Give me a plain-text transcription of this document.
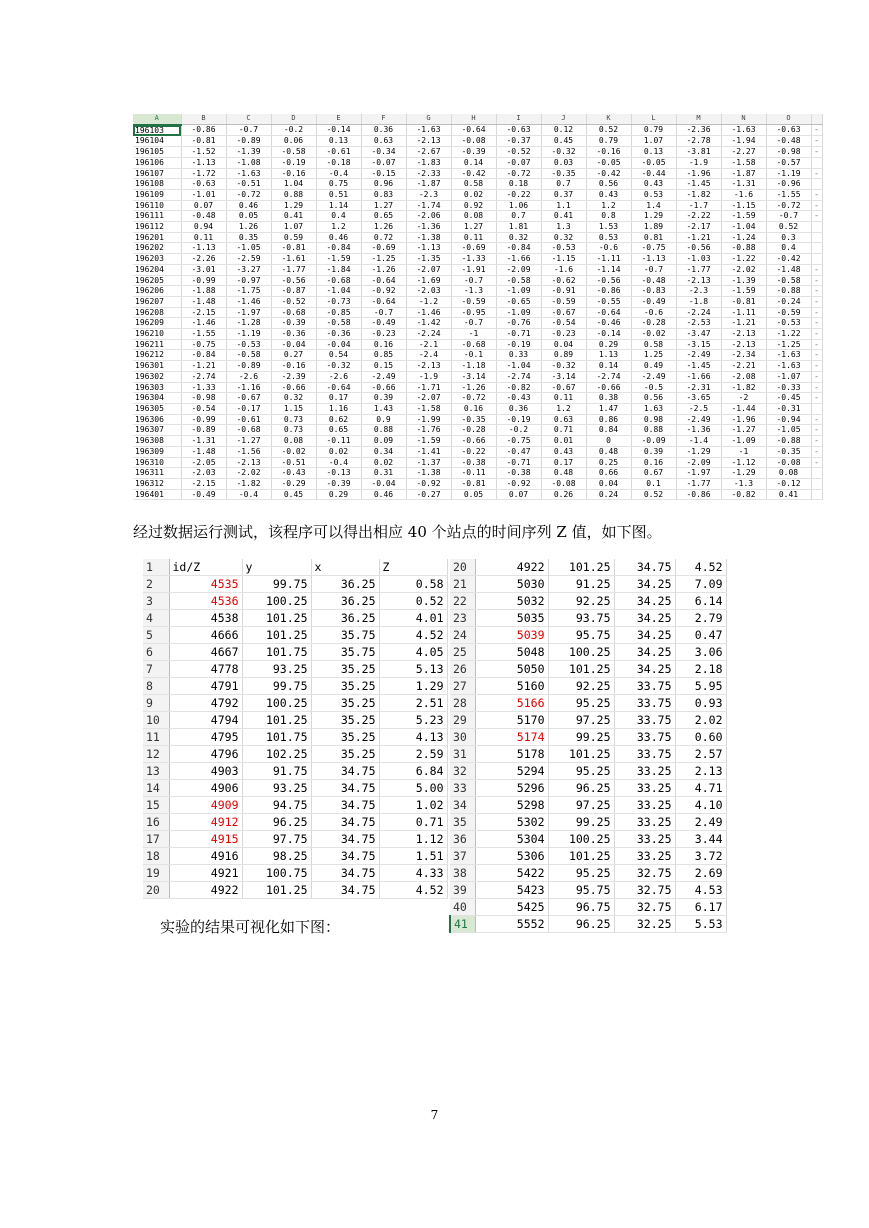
A	B	C	D	E	F	G	H	I	J	K	L	M	N	O	
196103	-0.86	-0.7	-0.2	-0.14	0.36	-1.63	-0.64	-0.63	0.12	0.52	0.79	-2.36	-1.63	-0.63	-
196104	-0.81	-0.89	0.06	0.13	0.63	-2.13	-0.08	-0.37	0.45	0.79	1.07	-2.78	-1.94	-0.48	-
196105	-1.52	-1.39	-0.58	-0.61	-0.34	-2.67	-0.39	-0.52	-0.32	-0.16	0.13	-3.81	-2.27	-0.98	-
196106	-1.13	-1.08	-0.19	-0.18	-0.07	-1.83	0.14	-0.07	0.03	-0.05	-0.05	-1.9	-1.58	-0.57	
196107	-1.72	-1.63	-0.16	-0.4	-0.15	-2.33	-0.42	-0.72	-0.35	-0.42	-0.44	-1.96	-1.87	-1.19	-
196108	-0.63	-0.51	1.04	0.75	0.96	-1.87	0.58	0.18	0.7	0.56	0.43	-1.45	-1.31	-0.96	
196109	-1.01	-0.72	0.88	0.51	0.83	-2.3	0.02	-0.22	0.37	0.43	0.53	-1.82	-1.6	-1.55	-
196110	0.07	0.46	1.29	1.14	1.27	-1.74	0.92	1.06	1.1	1.2	1.4	-1.7	-1.15	-0.72	-
196111	-0.48	0.05	0.41	0.4	0.65	-2.06	0.08	0.7	0.41	0.8	1.29	-2.22	-1.59	-0.7	-
196112	0.94	1.26	1.07	1.2	1.26	-1.36	1.27	1.81	1.3	1.53	1.89	-2.17	-1.04	0.52	
196201	0.11	0.35	0.59	0.46	0.72	-1.38	0.11	0.32	0.32	0.53	0.81	-1.21	-1.24	0.3	
196202	-1.13	-1.05	-0.81	-0.84	-0.69	-1.13	-0.69	-0.84	-0.53	-0.6	-0.75	-0.56	-0.88	0.4	
196203	-2.26	-2.59	-1.61	-1.59	-1.25	-1.35	-1.33	-1.66	-1.15	-1.11	-1.13	-1.03	-1.22	-0.42	
196204	-3.01	-3.27	-1.77	-1.84	-1.26	-2.07	-1.91	-2.09	-1.6	-1.14	-0.7	-1.77	-2.02	-1.48	-
196205	-0.99	-0.97	-0.56	-0.68	-0.64	-1.69	-0.7	-0.58	-0.62	-0.56	-0.48	-2.13	-1.39	-0.58	-
196206	-1.88	-1.75	-0.87	-1.04	-0.92	-2.03	-1.3	-1.09	-0.91	-0.86	-0.83	-2.3	-1.59	-0.88	-
196207	-1.48	-1.46	-0.52	-0.73	-0.64	-1.2	-0.59	-0.65	-0.59	-0.55	-0.49	-1.8	-0.81	-0.24	-
196208	-2.15	-1.97	-0.68	-0.85	-0.7	-1.46	-0.95	-1.09	-0.67	-0.64	-0.6	-2.24	-1.11	-0.59	-
196209	-1.46	-1.28	-0.39	-0.58	-0.49	-1.42	-0.7	-0.76	-0.54	-0.46	-0.28	-2.53	-1.21	-0.53	-
196210	-1.55	-1.19	-0.36	-0.36	-0.23	-2.24	-1	-0.71	-0.23	-0.14	-0.02	-3.47	-2.13	-1.22	-
196211	-0.75	-0.53	-0.04	-0.04	0.16	-2.1	-0.68	-0.19	0.04	0.29	0.58	-3.15	-2.13	-1.25	-
196212	-0.84	-0.58	0.27	0.54	0.85	-2.4	-0.1	0.33	0.89	1.13	1.25	-2.49	-2.34	-1.63	-
196301	-1.21	-0.89	-0.16	-0.32	0.15	-2.13	-1.18	-1.04	-0.32	0.14	0.49	-1.45	-2.21	-1.63	-
196302	-2.74	-2.6	-2.39	-2.6	-2.49	-1.9	-3.14	-2.74	-3.14	-2.74	-2.49	-1.66	-2.08	-1.07	-
196303	-1.33	-1.16	-0.66	-0.64	-0.66	-1.71	-1.26	-0.82	-0.67	-0.66	-0.5	-2.31	-1.82	-0.33	-
196304	-0.98	-0.67	0.32	0.17	0.39	-2.07	-0.72	-0.43	0.11	0.38	0.56	-3.65	-2	-0.45	-
196305	-0.54	-0.17	1.15	1.16	1.43	-1.58	0.16	0.36	1.2	1.47	1.63	-2.5	-1.44	-0.31	
196306	-0.99	-0.61	0.73	0.62	0.9	-1.99	-0.35	-0.19	0.63	0.86	0.98	-2.49	-1.96	-0.94	-
196307	-0.89	-0.68	0.73	0.65	0.88	-1.76	-0.28	-0.2	0.71	0.84	0.88	-1.36	-1.27	-1.05	-
196308	-1.31	-1.27	0.08	-0.11	0.09	-1.59	-0.66	-0.75	0.01	0	-0.09	-1.4	-1.09	-0.88	-
196309	-1.48	-1.56	-0.02	0.02	0.34	-1.41	-0.22	-0.47	0.43	0.48	0.39	-1.29	-1	-0.35	-
196310	-2.05	-2.13	-0.51	-0.4	0.02	-1.37	-0.38	-0.71	0.17	0.25	0.16	-2.09	-1.12	-0.08	-
196311	-2.03	-2.02	-0.43	-0.13	0.31	-1.38	-0.11	-0.38	0.48	0.66	0.67	-1.97	-1.29	0.08	
196312	-2.15	-1.82	-0.29	-0.39	-0.04	-0.92	-0.81	-0.92	-0.08	0.04	0.1	-1.77	-1.3	-0.12	
196401	-0.49	-0.4	0.45	0.29	0.46	-0.27	0.05	0.07	0.26	0.24	0.52	-0.86	-0.82	0.41	
经过数据运行测试，该程序可以得出相应 40 个站点的时间序列 Z 值，如下图。
1	id/Z	y	x	Z
2	4535	99.75	36.25	0.58
3	4536	100.25	36.25	0.52
4	4538	101.25	36.25	4.01
5	4666	101.25	35.75	4.52
6	4667	101.75	35.75	4.05
7	4778	93.25	35.25	5.13
8	4791	99.75	35.25	1.29
9	4792	100.25	35.25	2.51
10	4794	101.25	35.25	5.23
11	4795	101.75	35.25	4.13
12	4796	102.25	35.25	2.59
13	4903	91.75	34.75	6.84
14	4906	93.25	34.75	5.00
15	4909	94.75	34.75	1.02
16	4912	96.25	34.75	0.71
17	4915	97.75	34.75	1.12
18	4916	98.25	34.75	1.51
19	4921	100.75	34.75	4.33
20	4922	101.25	34.75	4.52
20	4922	101.25	34.75	4.52
21	5030	91.25	34.25	7.09
22	5032	92.25	34.25	6.14
23	5035	93.75	34.25	2.79
24	5039	95.75	34.25	0.47
25	5048	100.25	34.25	3.06
26	5050	101.25	34.25	2.18
27	5160	92.25	33.75	5.95
28	5166	95.25	33.75	0.93
29	5170	97.25	33.75	2.02
30	5174	99.25	33.75	0.60
31	5178	101.25	33.75	2.57
32	5294	95.25	33.25	2.13
33	5296	96.25	33.25	4.71
34	5298	97.25	33.25	4.10
35	5302	99.25	33.25	2.49
36	5304	100.25	33.25	3.44
37	5306	101.25	33.25	3.72
38	5422	95.25	32.75	2.69
39	5423	95.75	32.75	4.53
40	5425	96.75	32.75	6.17
41	5552	96.25	32.25	5.53
实验的结果可视化如下图：
7
